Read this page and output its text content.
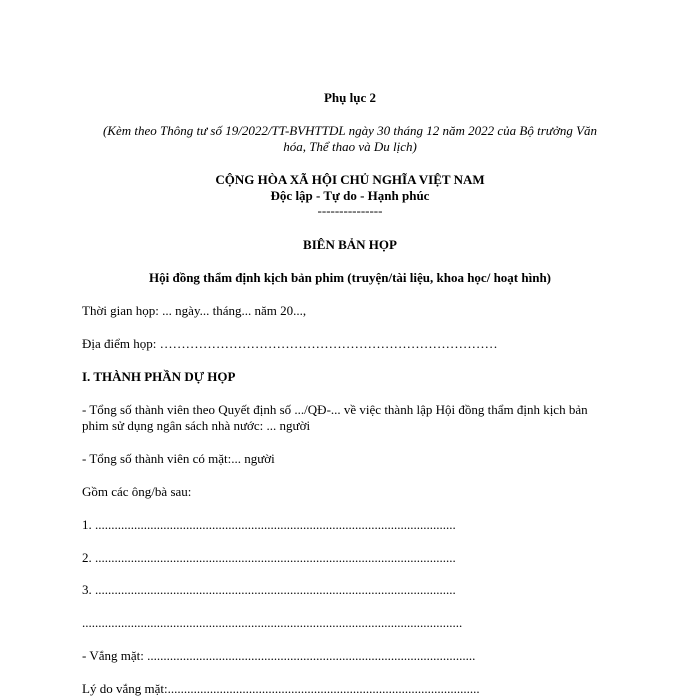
Phụ lục 2
(Kèm theo Thông tư số 19/2022/TT-BVHTTDL ngày 30 tháng 12 năm 2022 của Bộ trưởng Văn
hóa, Thể thao và Du lịch)
CỘNG HÒA XÃ HỘI CHỦ NGHĨA VIỆT NAM
Độc lập - Tự do - Hạnh phúc
---------------
BIÊN BẢN HỌP
Hội đồng thẩm định kịch bản phim (truyện/tài liệu, khoa học/ hoạt hình)
Thời gian họp: ... ngày... tháng... năm 20...,
Địa điểm họp: ……………………………………………………………………
I. THÀNH PHẦN DỰ HỌP
- Tổng số thành viên theo Quyết định số .../QĐ-... về việc thành lập Hội đồng thẩm định kịch bản
phim sử dụng ngân sách nhà nước: ... người
- Tổng số thành viên có mặt:... người
Gồm các ông/bà sau:
1. ...............................................................................................................
2. ...............................................................................................................
3. ...............................................................................................................
.....................................................................................................................
- Vắng mặt: .....................................................................................................
Lý do vắng mặt:................................................................................................
